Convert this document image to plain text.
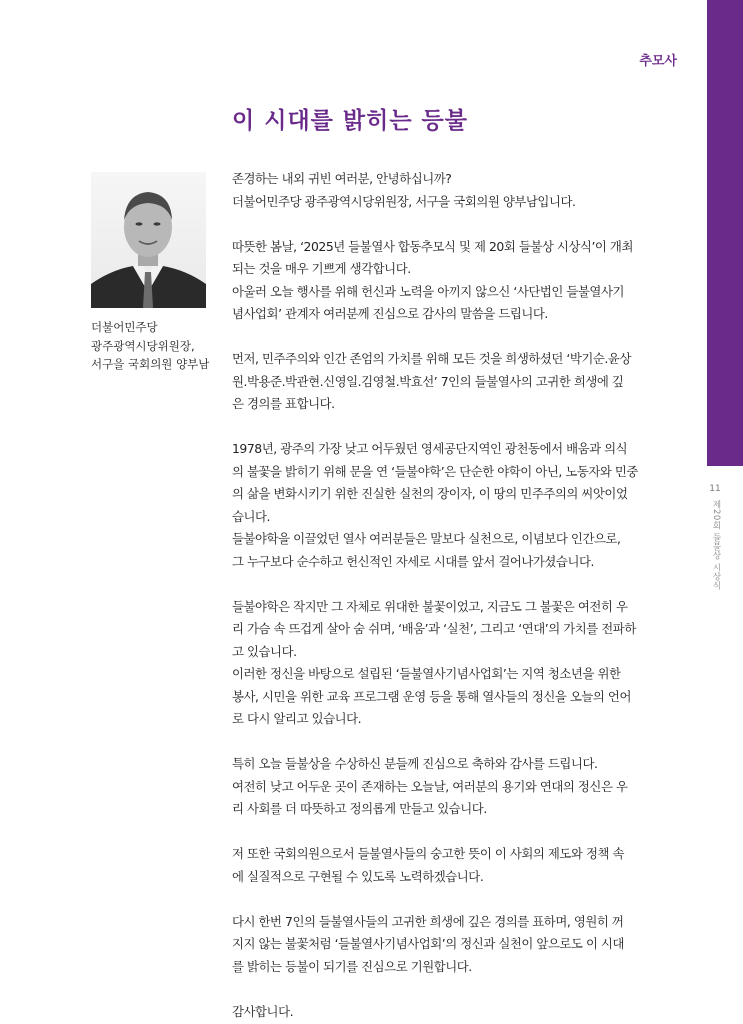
추모사
11
제20회 들불상 시상식
이 시대를 밝히는 등불
더불어민주당
광주광역시당위원장,
서구을 국회의원 양부남

존경하는 내외 귀빈 여러분, 안녕하십니까?

더불어민주당 광주광역시당위원장, 서구을 국회의원 양부남입니다.

따뜻한 봄날, ‘2025년 들불열사 합동추모식 및 제 20회 들불상 시상식’이 개최

되는 것을 매우 기쁘게 생각합니다.

아울러 오늘 행사를 위해 헌신과 노력을 아끼지 않으신 ‘사단법인 들불열사기

념사업회’ 관계자 여러분께 진심으로 감사의 말씀을 드립니다.

먼저, 민주주의와 인간 존엄의 가치를 위해 모든 것을 희생하셨던 ‘박기순.윤상

원.박용준.박관현.신영일.김영철.박효선’ 7인의 들불열사의 고귀한 희생에 깊

은 경의를 표합니다.

1978년, 광주의 가장 낮고 어두웠던 영세공단지역인 광천동에서 배움과 의식

의 불꽃을 밝히기 위해 문을 연 ‘들불야학’은 단순한 야학이 아닌, 노동자와 민중

의 삶을 변화시키기 위한 진실한 실천의 장이자, 이 땅의 민주주의의 씨앗이었

습니다.

들불야학을 이끌었던 열사 여러분들은 말보다 실천으로, 이념보다 인간으로,

그 누구보다 순수하고 헌신적인 자세로 시대를 앞서 걸어나가셨습니다.

들불야학은 작지만 그 자체로 위대한 불꽃이었고, 지금도 그 불꽃은 여전히 우

리 가슴 속 뜨겁게 살아 숨 쉬며, ‘배움’과 ‘실천’, 그리고 ‘연대’의 가치를 전파하

고 있습니다.

이러한 정신을 바탕으로 설립된 ‘들불열사기념사업회’는 지역 청소년을 위한

봉사, 시민을 위한 교육 프로그램 운영 등을 통해 열사들의 정신을 오늘의 언어

로 다시 알리고 있습니다.

특히 오늘 들불상을 수상하신 분들께 진심으로 축하와 감사를 드립니다.

여전히 낮고 어두운 곳이 존재하는 오늘날, 여러분의 용기와 연대의 정신은 우

리 사회를 더 따뜻하고 정의롭게 만들고 있습니다.

저 또한 국회의원으로서 들불열사들의 숭고한 뜻이 이 사회의 제도와 정책 속

에 실질적으로 구현될 수 있도록 노력하겠습니다.

다시 한번 7인의 들불열사들의 고귀한 희생에 깊은 경의를 표하며, 영원히 꺼

지지 않는 불꽃처럼 ‘들불열사기념사업회’의 정신과 실천이 앞으로도 이 시대

를 밝히는 등불이 되기를 진심으로 기원합니다.

감사합니다.
